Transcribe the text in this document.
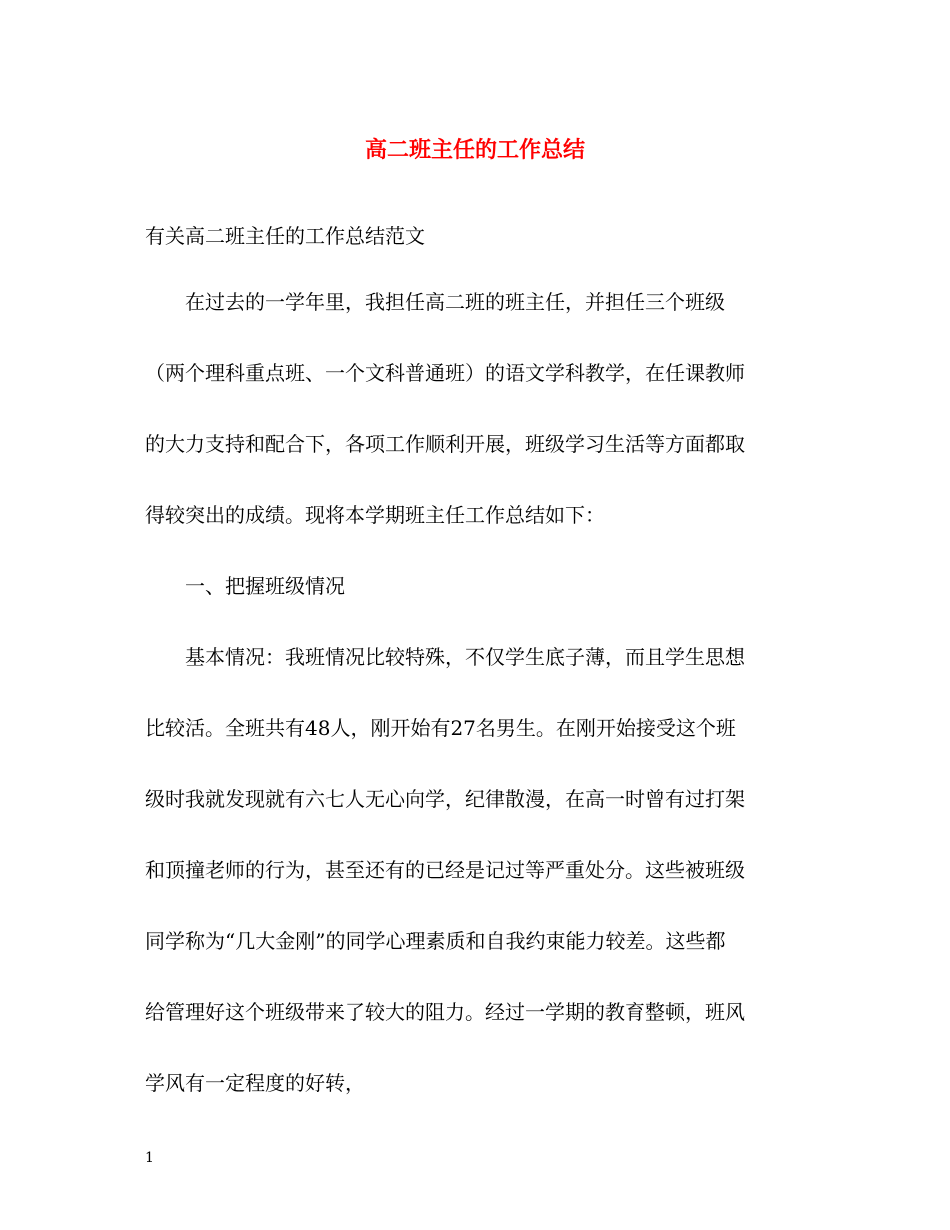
高二班主任的工作总结
有关高二班主任的工作总结范文
在过去的一学年里，我担任高二班的班主任，并担任三个班级
（两个理科重点班、一个文科普通班）的语文学科教学，在任课教师
的大力支持和配合下，各项工作顺利开展，班级学习生活等方面都取
得较突出的成绩。现将本学期班主任工作总结如下：
一、把握班级情况
基本情况：我班情况比较特殊，不仅学生底子薄，而且学生思想
比较活。全班共有48人，刚开始有27名男生。在刚开始接受这个班
级时我就发现就有六七人无心向学，纪律散漫，在高一时曾有过打架
和顶撞老师的行为，甚至还有的已经是记过等严重处分。这些被班级
同学称为“几大金刚”的同学心理素质和自我约束能力较差。这些都
给管理好这个班级带来了较大的阻力。经过一学期的教育整顿，班风
学风有一定程度的好转，
1
